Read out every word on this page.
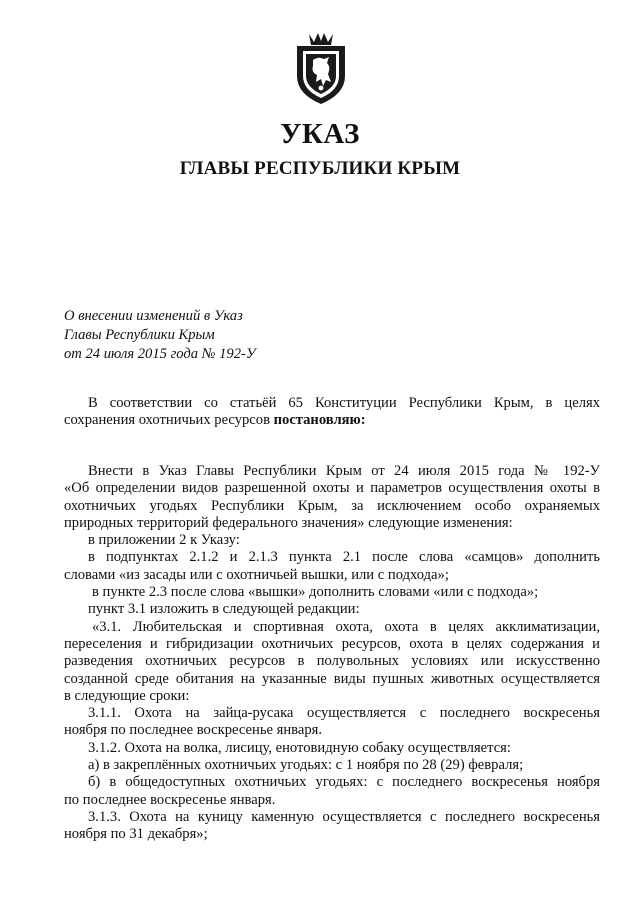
УКАЗ
ГЛАВЫ РЕСПУБЛИКИ КРЫМ
О внесении изменений в Указ
Главы Республики Крым
от 24 июля 2015 года № 192-У

В соответствии со статьёй 65 Конституции Республики Крым, в целях

сохранения охотничьих ресурсов постановляю:

Внести в Указ Главы Республики Крым от 24 июля 2015 года № 192-У

«Об определении видов разрешенной охоты и параметров осуществления охоты в

охотничьих угодьях Республики Крым, за исключением особо охраняемых

природных территорий федерального значения» следующие изменения:

в приложении 2 к Указу:

в подпунктах 2.1.2 и 2.1.3 пункта 2.1 после слова «самцов» дополнить

словами «из засады или с охотничьей вышки, или с подхода»;

в пункте 2.3 после слова «вышки» дополнить словами «или с подхода»;

пункт 3.1 изложить в следующей редакции:

«3.1. Любительская и спортивная охота, охота в целях акклиматизации,

переселения и гибридизации охотничьих ресурсов, охота в целях содержания и

разведения охотничьих ресурсов в полувольных условиях или искусственно

созданной среде обитания на указанные виды пушных животных осуществляется

в следующие сроки:

3.1.1. Охота на зайца-русака осуществляется с последнего воскресенья

ноября по последнее воскресенье января.

3.1.2. Охота на волка, лисицу, енотовидную собаку осуществляется:

а) в закреплённых охотничьих угодьях: с 1 ноября по 28 (29) февраля;

б) в общедоступных охотничьих угодьях: с последнего воскресенья ноября

по последнее воскресенье января.

3.1.3. Охота на куницу каменную осуществляется с последнего воскресенья

ноября по 31 декабря»;
